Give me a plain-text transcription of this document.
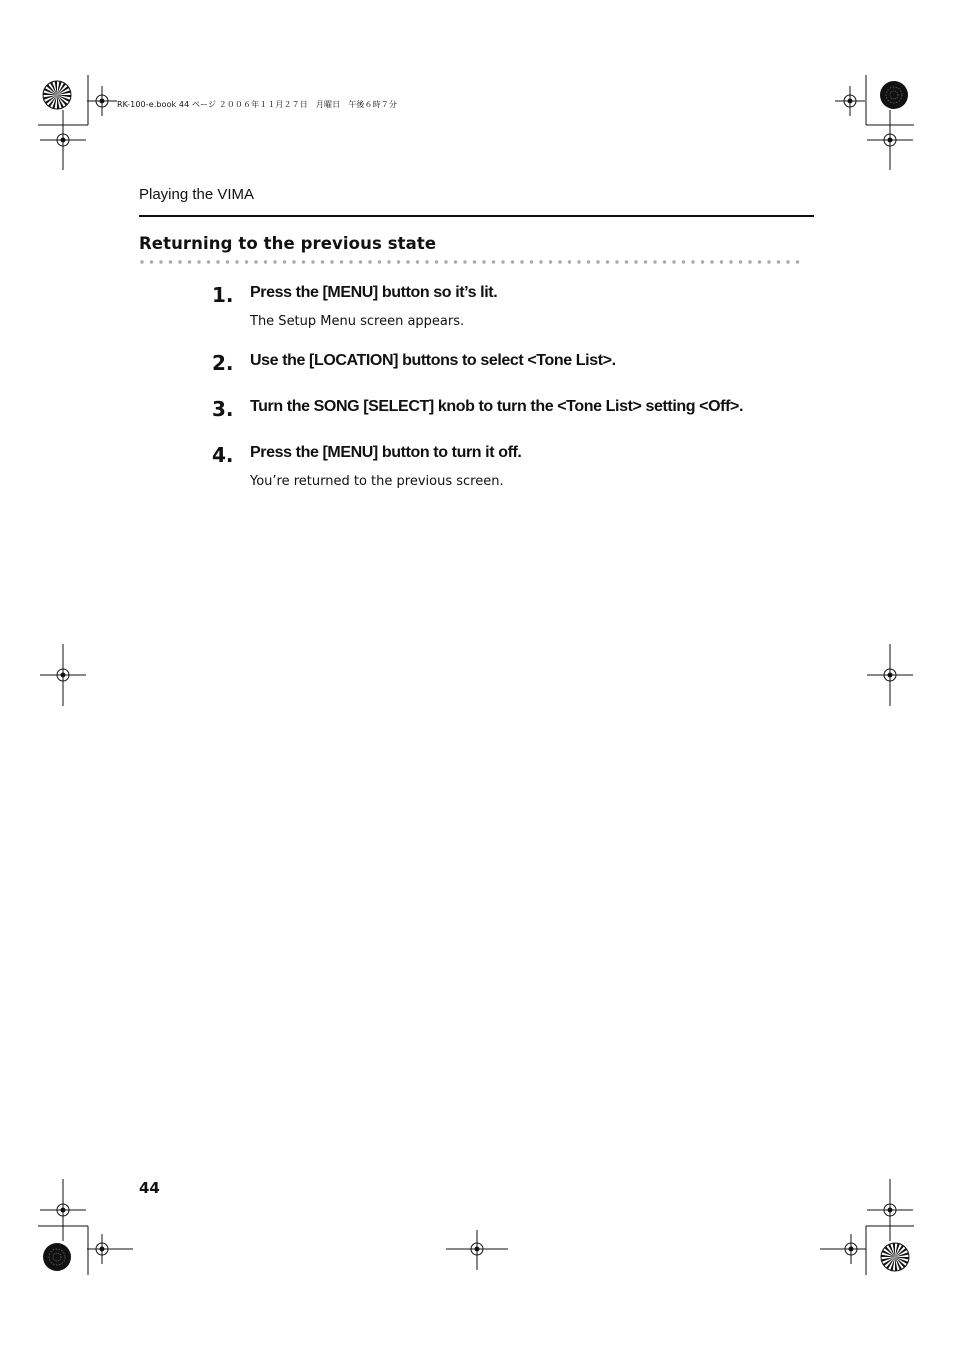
RK-100-e.book 44 ページ ２００６年１１月２７日　月曜日　午後６時７分
Playing the VIMA
Returning to the previous state
1.	Press the [MENU] button so it’s lit.
The Setup Menu screen appears.
2.	Use the [LOCATION] buttons to select <Tone List>.
3.	Turn the SONG [SELECT] knob to turn the <Tone List> setting <Off>.
4.	Press the [MENU] button to turn it off.
You’re returned to the previous screen.
44
